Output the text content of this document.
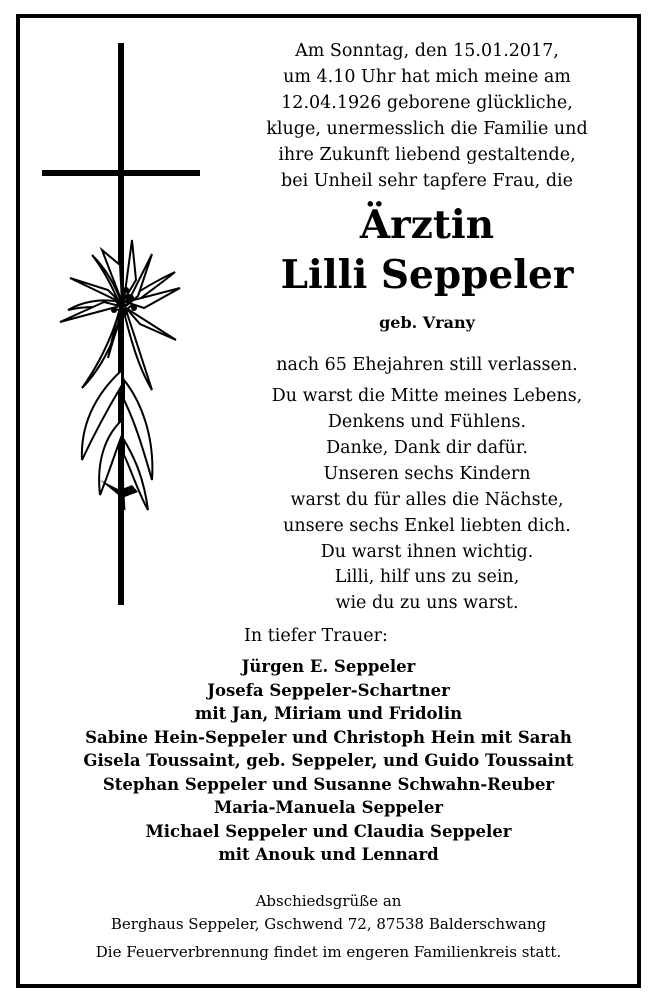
Am Sonntag, den 15.01.2017,
um 4.10 Uhr hat mich meine am
12.04.1926 geborene glückliche,
kluge, unermesslich die Familie und
ihre Zukunft liebend gestaltende,
bei Unheil sehr tapfere Frau, die
Ärztin
Lilli Seppeler
geb. Vrany
nach 65 Ehejahren still verlassen.
Du warst die Mitte meines Lebens,
Denkens und Fühlens.
Danke, Dank dir dafür.
Unseren sechs Kindern
warst du für alles die Nächste,
unsere sechs Enkel liebten dich.
Du warst ihnen wichtig.
Lilli, hilf uns zu sein,
wie du zu uns warst.
In tiefer Trauer:
Jürgen E. Seppeler
Josefa Seppeler-Schartner
mit Jan, Miriam und Fridolin
Sabine Hein-Seppeler und Christoph Hein mit Sarah
Gisela Toussaint, geb. Seppeler, und Guido Toussaint
Stephan Seppeler und Susanne Schwahn-Reuber
Maria-Manuela Seppeler
Michael Seppeler und Claudia Seppeler
mit Anouk und Lennard
Abschiedsgrüße an
Berghaus Seppeler, Gschwend 72, 87538 Balderschwang
Die Feuerverbrennung findet im engeren Familienkreis statt.
